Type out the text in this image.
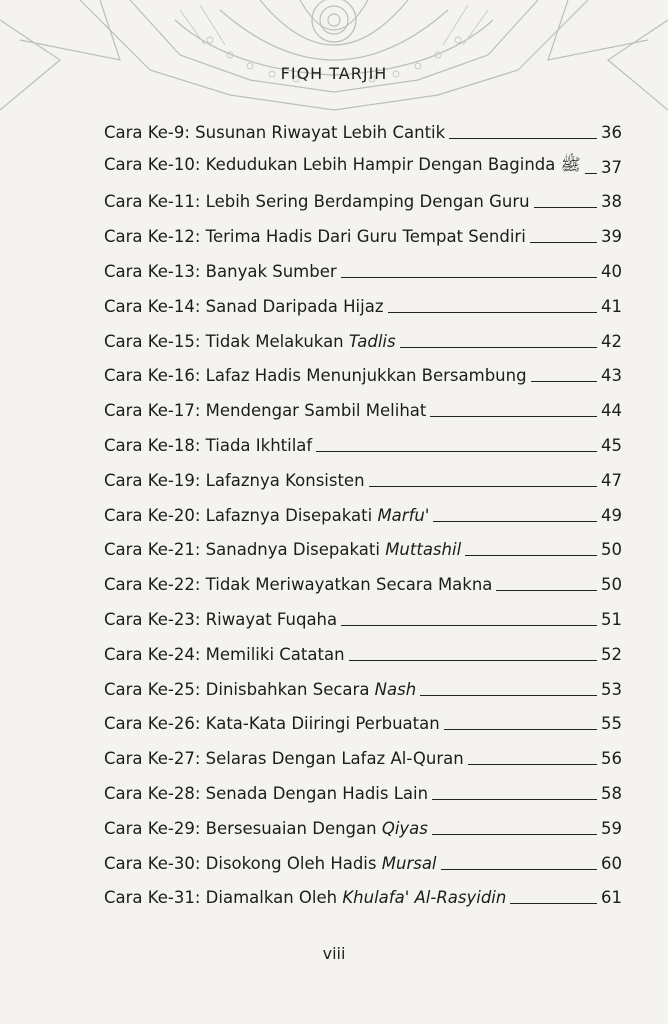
FIQH TARJIH
Cara Ke-9: Susunan Riwayat Lebih Cantik	36
Cara Ke-10: Kedudukan Lebih Hampir Dengan Baginda ﷺ 37
Cara Ke-11: Lebih Sering Berdamping Dengan Guru	38
Cara Ke-12: Terima Hadis Dari Guru Tempat Sendiri	39
Cara Ke-13: Banyak Sumber	40
Cara Ke-14: Sanad Daripada Hijaz	41
Cara Ke-15: Tidak Melakukan Tadlis	42
Cara Ke-16: Lafaz Hadis Menunjukkan Bersambung	43
Cara Ke-17: Mendengar Sambil Melihat	44
Cara Ke-18: Tiada Ikhtilaf	45
Cara Ke-19: Lafaznya Konsisten	47
Cara Ke-20: Lafaznya Disepakati Marfu'	49
Cara Ke-21: Sanadnya Disepakati Muttashil	50
Cara Ke-22: Tidak Meriwayatkan Secara Makna	50
Cara Ke-23: Riwayat Fuqaha	51
Cara Ke-24: Memiliki Catatan	52
Cara Ke-25: Dinisbahkan Secara Nash	53
Cara Ke-26: Kata-Kata Diiringi Perbuatan	55
Cara Ke-27: Selaras Dengan Lafaz Al-Quran	56
Cara Ke-28: Senada Dengan Hadis Lain	58
Cara Ke-29: Bersesuaian Dengan Qiyas	59
Cara Ke-30: Disokong Oleh Hadis Mursal	60
Cara Ke-31: Diamalkan Oleh Khulafa' Al-Rasyidin	61
viii
